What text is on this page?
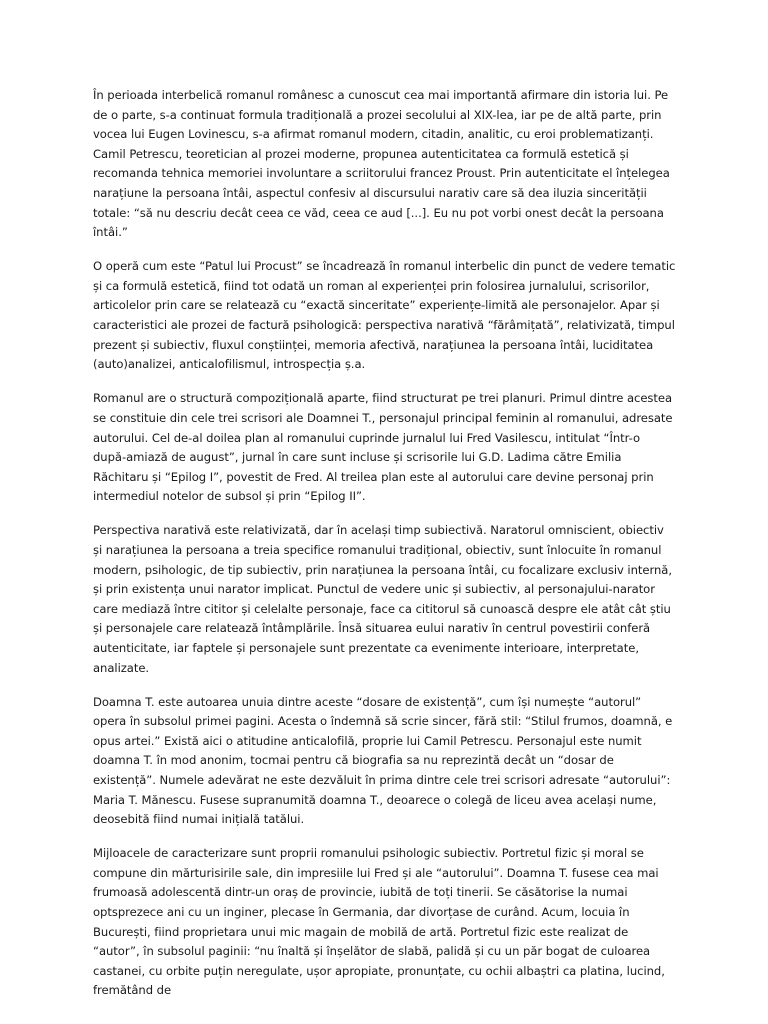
În perioada interbelică romanul românesc a cunoscut cea mai importantă afirmare din istoria lui. Pe de o parte, s-a continuat formula tradițională a prozei secolului al XIX-lea, iar pe de altă parte, prin vocea lui Eugen Lovinescu, s-a afirmat romanul modern, citadin, analitic, cu eroi problematizanți. Camil Petrescu, teoretician al prozei moderne, propunea autenticitatea ca formulă estetică și recomanda tehnica memoriei involuntare a scriitorului francez Proust. Prin autenticitate el înțelegea narațiune la persoana întâi, aspectul confesiv al discursului narativ care să dea iluzia sincerității totale: “să nu descriu decât ceea ce văd, ceea ce aud [...]. Eu nu pot vorbi onest decât la persoana întâi.”

O operă cum este “Patul lui Procust” se încadrează în romanul interbelic din punct de vedere tematic și ca formulă estetică, fiind tot odată un roman al experienței prin folosirea jurnalului, scrisorilor, articolelor prin care se relatează cu “exactă sinceritate” experiențe-limită ale personajelor. Apar și caracteristici ale prozei de factură psihologică: perspectiva narativă “fărâmițată”, relativizată, timpul prezent și subiectiv, fluxul conștiinței, memoria afectivă, narațiunea la persoana întâi, luciditatea (auto)analizei, anticalofilismul, introspecția ș.a.

Romanul are o structură compozițională aparte, fiind structurat pe trei planuri. Primul dintre acestea se constituie din cele trei scrisori ale Doamnei T., personajul principal feminin al romanului, adresate autorului. Cel de-al doilea plan al romanului cuprinde jurnalul lui Fred Vasilescu, intitulat “Într-o după-amiază de august”, jurnal în care sunt incluse și scrisorile lui G.D. Ladima către Emilia Răchitaru și “Epilog I”, povestit de Fred. Al treilea plan este al autorului care devine personaj prin intermediul notelor de subsol și prin “Epilog II”.

Perspectiva narativă este relativizată, dar în același timp subiectivă. Naratorul omniscient, obiectiv și narațiunea la persoana a treia specifice romanului tradițional, obiectiv, sunt înlocuite în romanul modern, psihologic, de tip subiectiv, prin narațiunea la persoana întâi, cu focalizare exclusiv internă, și prin existența unui narator implicat. Punctul de vedere unic și subiectiv, al personajului-narator care mediază între cititor și celelalte personaje, face ca cititorul să cunoască despre ele atât cât știu și personajele care relatează întâmplările. Însă situarea eului narativ în centrul povestirii conferă autenticitate, iar faptele și personajele sunt prezentate ca evenimente interioare, interpretate, analizate.

Doamna T. este autoarea unuia dintre aceste “dosare de existență”, cum își numește “autorul” opera în subsolul primei pagini. Acesta o îndemnă să scrie sincer, fără stil: “Stilul frumos, doamnă, e opus artei.” Există aici o atitudine anticalofilă, proprie lui Camil Petrescu. Personajul este numit doamna T. în mod anonim, tocmai pentru că biografia sa nu reprezintă decât un “dosar de existență”. Numele adevărat ne este dezvăluit în prima dintre cele trei scrisori adresate “autorului”: Maria T. Mănescu. Fusese supranumită doamna T., deoarece o colegă de liceu avea același nume, deosebită fiind numai inițială tatălui.

Mijloacele de caracterizare sunt proprii romanului psihologic subiectiv. Portretul fizic și moral se compune din mărturisirile sale, din impresiile lui Fred și ale “autorului”. Doamna T. fusese cea mai frumoasă adolescentă dintr-un oraș de provincie, iubită de toți tinerii. Se căsătorise la numai optsprezece ani cu un inginer, plecase în Germania, dar divorțase de curând. Acum, locuia în București, fiind proprietara unui mic magain de mobilă de artă. Portretul fizic este realizat de “autor”, în subsolul paginii: “nu înaltă și înșelător de slabă, palidă și cu un păr bogat de culoarea castanei, cu orbite puțin neregulate, ușor apropiate, pronunțate, cu ochii albaștri ca platina, lucind, fremătând de
